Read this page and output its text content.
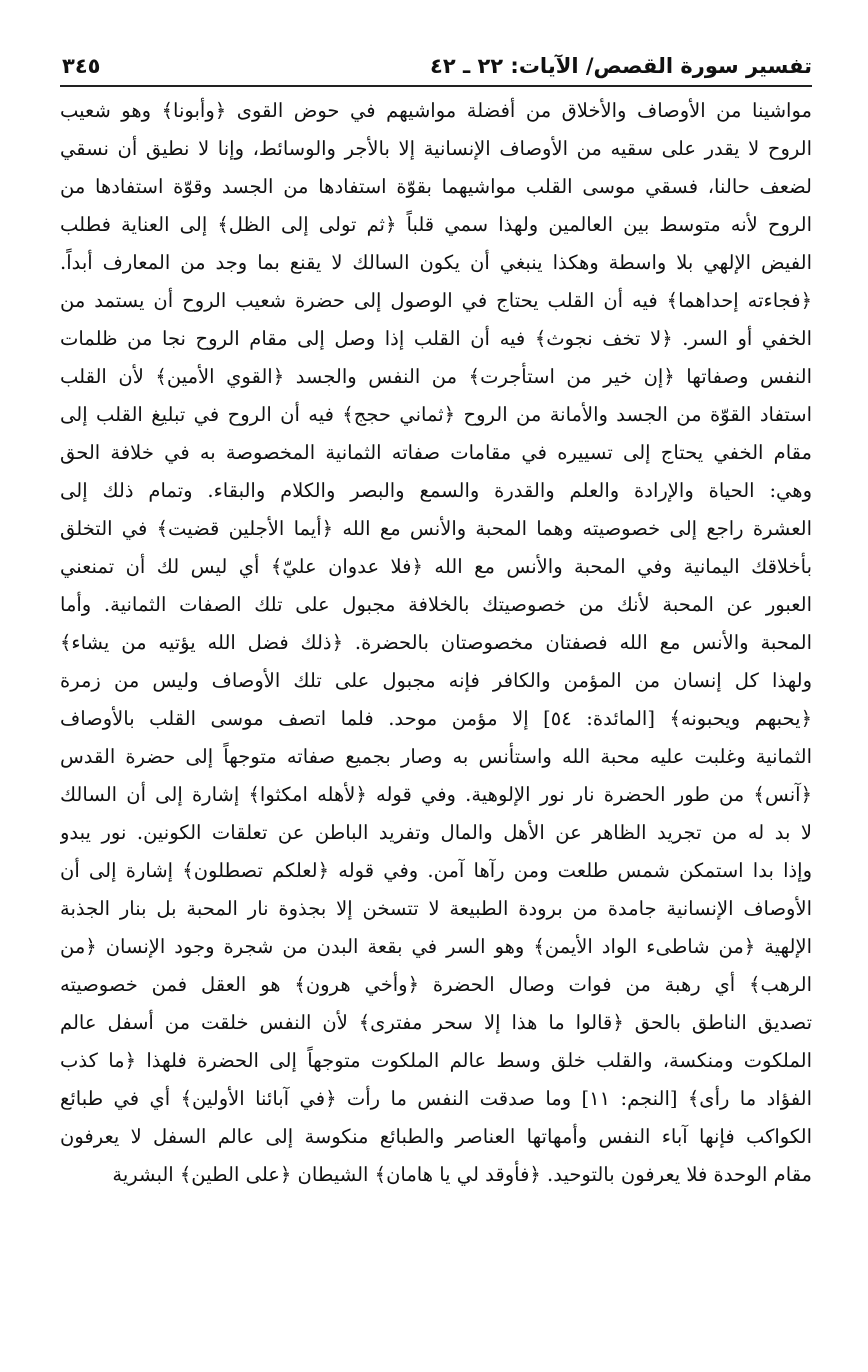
تفسير سورة القصص/ الآيات: ٢٢ ـ ٤٢
٣٤٥
مواشينا من الأوصاف والأخلاق من أفضلة مواشيهم في حوض القوى ﴿وأبونا﴾ وهو شعيب
الروح لا يقدر على سقيه من الأوصاف الإنسانية إلا بالأجر والوسائط، وإنا لا نطيق أن نسقي
لضعف حالنا، فسقي موسى القلب مواشيهما بقوّة استفادها من الجسد وقوّة استفادها من
الروح لأنه متوسط بين العالمين ولهذا سمي قلباً ﴿ثم تولى إلى الظل﴾ إلى العناية فطلب
الفيض الإلهي بلا واسطة وهكذا ينبغي أن يكون السالك لا يقنع بما وجد من المعارف أبداً.
﴿فجاءته إحداهما﴾ فيه أن القلب يحتاج في الوصول إلى حضرة شعيب الروح أن يستمد من
الخفي أو السر. ﴿لا تخف نجوث﴾ فيه أن القلب إذا وصل إلى مقام الروح نجا من ظلمات
النفس وصفاتها ﴿إن خير من استأجرت﴾ من النفس والجسد ﴿القوي الأمين﴾ لأن القلب
استفاد القوّة من الجسد والأمانة من الروح ﴿ثماني حجج﴾ فيه أن الروح في تبليغ القلب إلى
مقام الخفي يحتاج إلى تسييره في مقامات صفاته الثمانية المخصوصة به في خلافة الحق
وهي: الحياة والإرادة والعلم والقدرة والسمع والبصر والكلام والبقاء. وتمام ذلك إلى
العشرة راجع إلى خصوصيته وهما المحبة والأنس مع الله ﴿أيما الأجلين قضيت﴾ في التخلق
بأخلاقك اليمانية وفي المحبة والأنس مع الله ﴿فلا عدوان عليّ﴾ أي ليس لك أن تمنعني
العبور عن المحبة لأنك من خصوصيتك بالخلافة مجبول على تلك الصفات الثمانية. وأما
المحبة والأنس مع الله فصفتان مخصوصتان بالحضرة. ﴿ذلك فضل الله يؤتيه من يشاء﴾
ولهذا كل إنسان من المؤمن والكافر فإنه مجبول على تلك الأوصاف وليس من زمرة
﴿يحبهم ويحبونه﴾ [المائدة: ٥٤] إلا مؤمن موحد. فلما اتصف موسى القلب بالأوصاف
الثمانية وغلبت عليه محبة الله واستأنس به وصار بجميع صفاته متوجهاً إلى حضرة القدس
﴿آنس﴾ من طور الحضرة نار نور الإلوهية. وفي قوله ﴿لأهله امكثوا﴾ إشارة إلى أن السالك
لا بد له من تجريد الظاهر عن الأهل والمال وتفريد الباطن عن تعلقات الكونين. نور يبدو
وإذا بدا استمكن شمس طلعت ومن رآها آمن. وفي قوله ﴿لعلكم تصطلون﴾ إشارة إلى أن
الأوصاف الإنسانية جامدة من برودة الطبيعة لا تتسخن إلا بجذوة نار المحبة بل بنار الجذبة
الإلهية ﴿من شاطىء الواد الأيمن﴾ وهو السر في بقعة البدن من شجرة وجود الإنسان ﴿من
الرهب﴾ أي رهبة من فوات وصال الحضرة ﴿وأخي هرون﴾ هو العقل فمن خصوصيته
تصديق الناطق بالحق ﴿قالوا ما هذا إلا سحر مفترى﴾ لأن النفس خلقت من أسفل عالم
الملكوت ومنكسة، والقلب خلق وسط عالم الملكوت متوجهاً إلى الحضرة فلهذا ﴿ما كذب
الفؤاد ما رأى﴾ [النجم: ١١] وما صدقت النفس ما رأت ﴿في آبائنا الأولين﴾ أي في طبائع
الكواكب فإنها آباء النفس وأمهاتها العناصر والطبائع منكوسة إلى عالم السفل لا يعرفون
مقام الوحدة فلا يعرفون بالتوحيد. ﴿فأوقد لي يا هامان﴾ الشيطان ﴿على الطين﴾ البشرية
